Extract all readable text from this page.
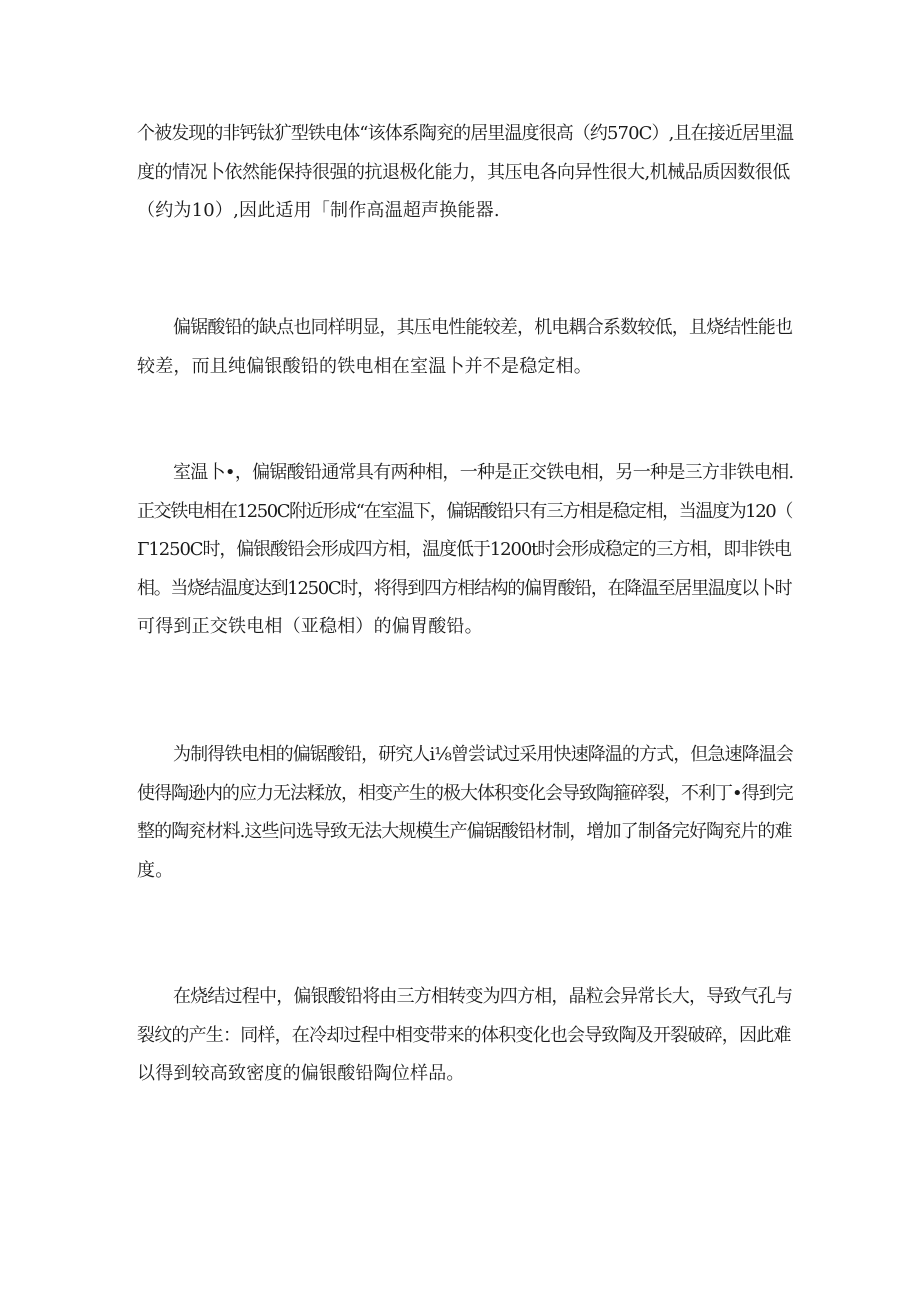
个被发现的非钙钛犷型铁电体“该体系陶兖的居里温度很高（约570C）,且在接近居里温
度的情况卜依然能保持很强的抗退极化能力，其压电各向异性很大,机械品质因数很低
（约为10）,因此适用「制作高温超声换能器.
偏锯酸铅的缺点也同样明显，其压电性能较差，机电耦合系数较低，且烧结性能也
较差，而且纯偏银酸铅的铁电相在室温卜并不是稳定相。
室温卜•，偏锯酸铅通常具有两种相，一种是正交铁电相，另一种是三方非铁电相.
正交铁电相在1250C附近形成“在室温下，偏锯酸铅只有三方相是稳定相，当温度为120（
Γ1250C时，偏银酸铅会形成四方相，温度低于1200t时会形成稳定的三方相，即非铁电
相。当烧结温度达到1250C时，将得到四方相结构的偏胃酸铅，在降温至居里温度以卜时
可得到正交铁电相（亚稳相）的偏胃酸铅。
为制得铁电相的偏锯酸铅，研究人i⅛曾尝试过采用快速降温的方式，但急速降温会
使得陶逊内的应力无法糅放，相变产生的极大体积变化会导致陶箍碎裂，不利丁•得到完
整的陶兖材料.这些问选导致无法大规模生产偏锯酸铅材制，增加了制备完好陶兖片的难
度。
在烧结过程中，偏银酸铅将由三方相转变为四方相，晶粒会异常长大，导致气孔与
裂纹的产生：同样，在冷却过程中相变带来的体积变化也会导致陶及开裂破碎，因此难
以得到较高致密度的偏银酸铅陶位样品。
